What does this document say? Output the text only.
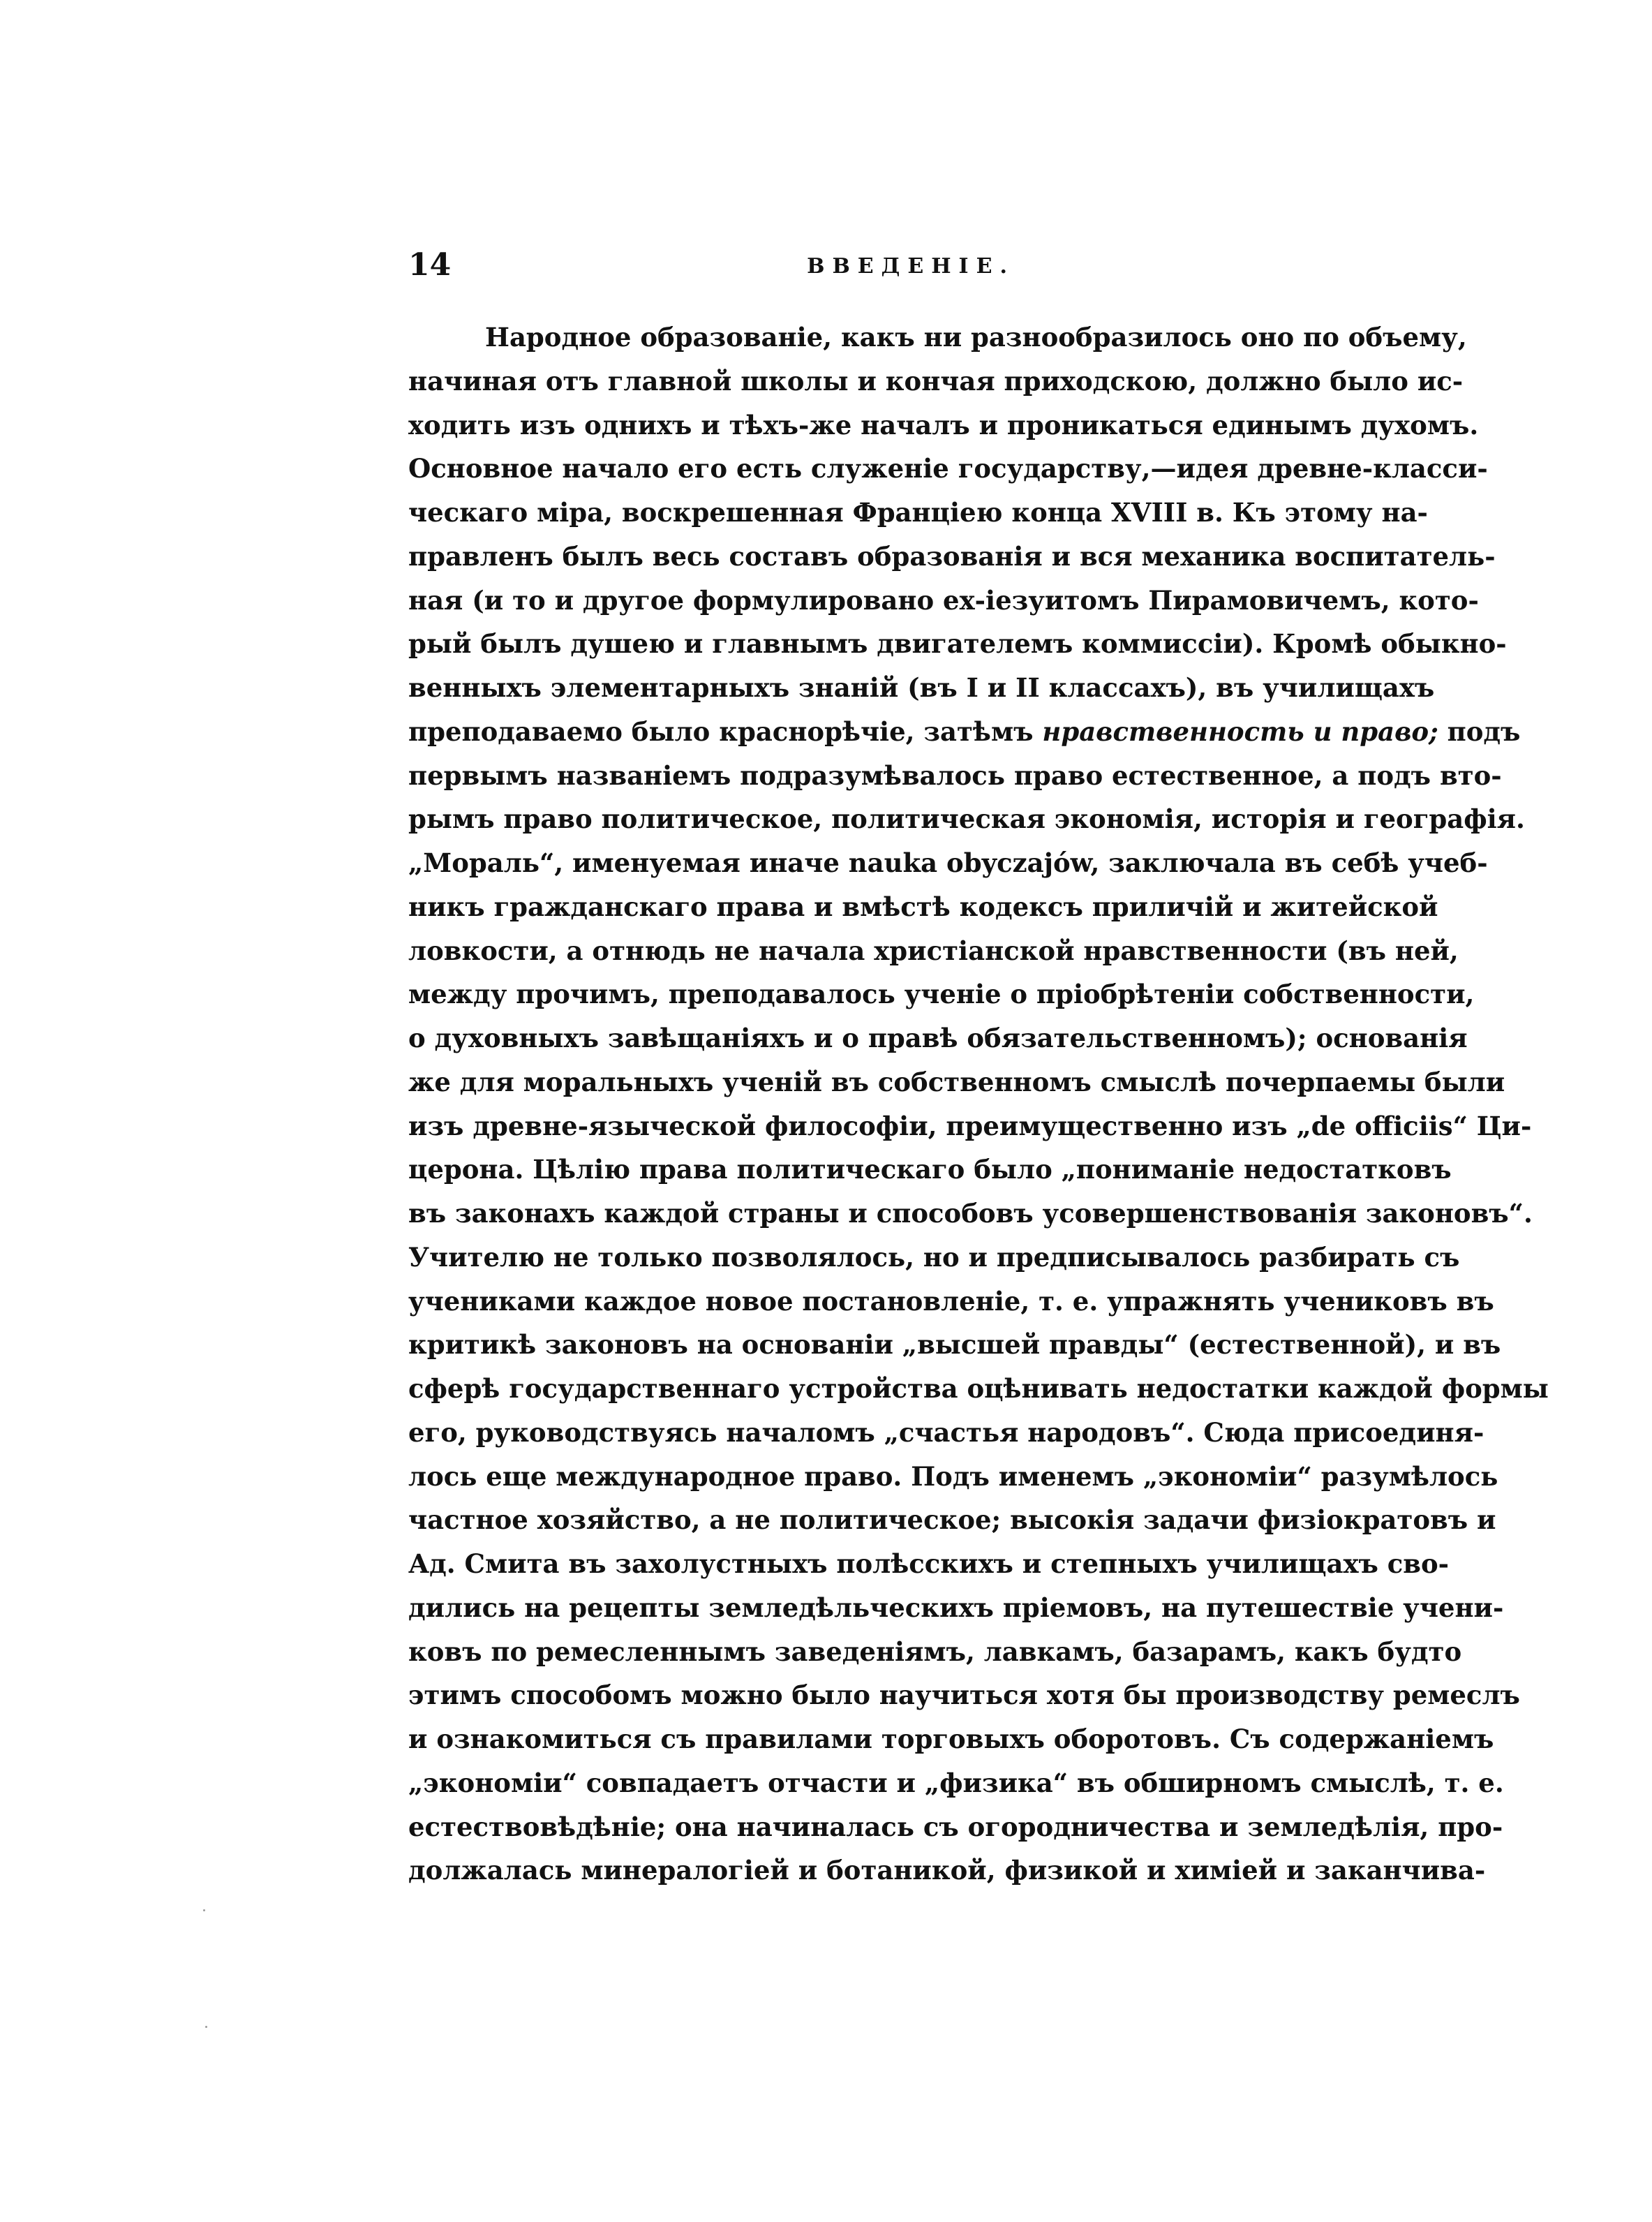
14	ВВЕДЕНІЕ.
Народное образованіе, какъ ни разнообразилось оно по объему,
начиная отъ главной школы и кончая приходскою, должно было ис-
ходить изъ однихъ и тѣхъ-же началъ и проникаться единымъ духомъ.
Основное начало его есть служеніе государству,—идея древне-класси-
ческаго міра, воскрешенная Франціею конца XVIII в. Къ этому на-
правленъ былъ весь составъ образованія и вся механика воспитатель-
ная (и то и другое формулировано ех-іезуитомъ Пирамовичемъ, кото-
рый былъ душею и главнымъ двигателемъ коммиссіи). Кромѣ обыкно-
венныхъ элементарныхъ знаній (въ I и II классахъ), въ училищахъ
преподаваемо было краснорѣчіе, затѣмъ нравственность и право; подъ
первымъ названіемъ подразумѣвалось право естественное, а подъ вто-
рымъ право политическое, политическая экономія, исторія и географія.
„Мораль“, именуемая иначе nauka obyczajów, заключала въ себѣ учеб-
никъ гражданскаго права и вмѣстѣ кодексъ приличій и житейской
ловкости, а отнюдь не начала христіанской нравственности (въ ней,
между прочимъ, преподавалось ученіе о пріобрѣтеніи собственности,
о духовныхъ завѣщаніяхъ и о правѣ обязательственномъ); основанія
же для моральныхъ ученій въ собственномъ смыслѣ почерпаемы были
изъ древне-языческой философіи, преимущественно изъ „de officiis“ Ци-
церона. Цѣлію права политическаго было „пониманіе недостатковъ
въ законахъ каждой страны и способовъ усовершенствованія законовъ“.
Учителю не только позволялось, но и предписывалось разбирать съ
учениками каждое новое постановленіе, т. е. упражнять учениковъ въ
критикѣ законовъ на основаніи „высшей правды“ (естественной), и въ
сферѣ государственнаго устройства оцѣнивать недостатки каждой формы
его, руководствуясь началомъ „счастья народовъ“. Сюда присоединя-
лось еще международное право. Подъ именемъ „экономіи“ разумѣлось
частное хозяйство, а не политическое; высокія задачи физіократовъ и
Ад. Смита въ захолустныхъ полѣсскихъ и степныхъ училищахъ сво-
дились на рецепты земледѣльческихъ пріемовъ, на путешествіе учени-
ковъ по ремесленнымъ заведеніямъ, лавкамъ, базарамъ, какъ будто
этимъ способомъ можно было научиться хотя бы производству ремеслъ
и ознакомиться съ правилами торговыхъ оборотовъ. Съ содержаніемъ
„экономіи“ совпадаетъ отчасти и „физика“ въ обширномъ смыслѣ, т. е.
естествовѣдѣніе; она начиналась съ огородничества и земледѣлія, про-
должалась минералогіей и ботаникой, физикой и химіей и заканчива-
